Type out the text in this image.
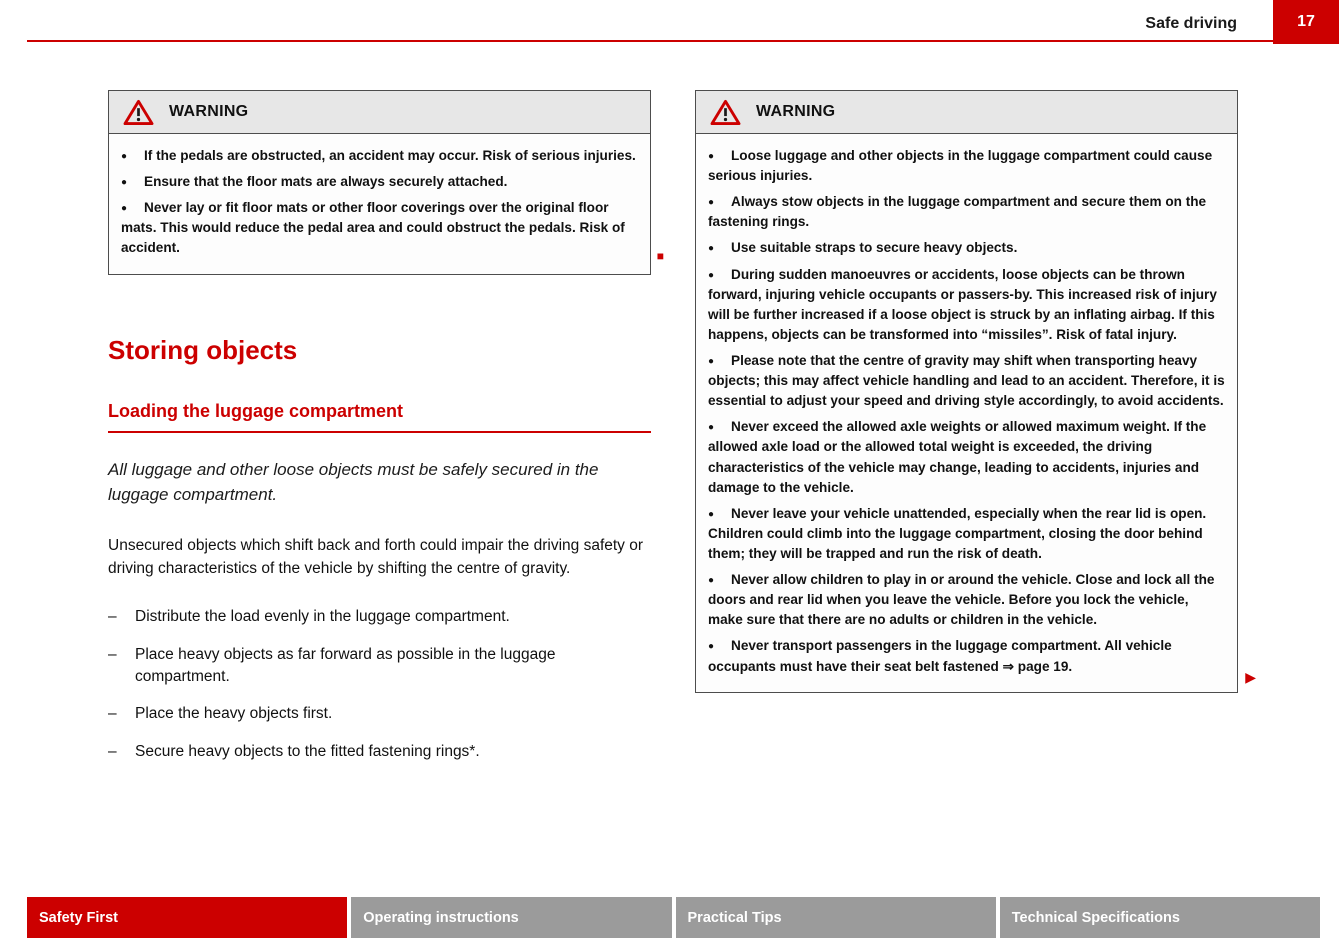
Safe driving	17
WARNING
● If the pedals are obstructed, an accident may occur. Risk of serious injuries.
● Ensure that the floor mats are always securely attached.
● Never lay or fit floor mats or other floor coverings over the original floor mats. This would reduce the pedal area and could obstruct the pedals. Risk of accident.
■
Storing objects
Loading the luggage compartment
All luggage and other loose objects must be safely secured in the luggage compartment.
Unsecured objects which shift back and forth could impair the driving safety or driving characteristics of the vehicle by shifting the centre of gravity.
– Distribute the load evenly in the luggage compartment.
– Place heavy objects as far forward as possible in the luggage compartment.
– Place the heavy objects first.
– Secure heavy objects to the fitted fastening rings*.
WARNING
● Loose luggage and other objects in the luggage compartment could cause serious injuries.
● Always stow objects in the luggage compartment and secure them on the fastening rings.
● Use suitable straps to secure heavy objects.
● During sudden manoeuvres or accidents, loose objects can be thrown forward, injuring vehicle occupants or passers-by. This increased risk of injury will be further increased if a loose object is struck by an inflating airbag. If this happens, objects can be transformed into “missiles”. Risk of fatal injury.
● Please note that the centre of gravity may shift when transporting heavy objects; this may affect vehicle handling and lead to an accident. Therefore, it is essential to adjust your speed and driving style accordingly, to avoid accidents.
● Never exceed the allowed axle weights or allowed maximum weight. If the allowed axle load or the allowed total weight is exceeded, the driving characteristics of the vehicle may change, leading to accidents, injuries and damage to the vehicle.
● Never leave your vehicle unattended, especially when the rear lid is open. Children could climb into the luggage compartment, closing the door behind them; they will be trapped and run the risk of death.
● Never allow children to play in or around the vehicle. Close and lock all the doors and rear lid when you leave the vehicle. Before you lock the vehicle, make sure that there are no adults or children in the vehicle.
● Never transport passengers in the luggage compartment. All vehicle occupants must have their seat belt fastened ⇒ page 19.
▶
Safety First	Operating instructions	Practical Tips	Technical Specifications
